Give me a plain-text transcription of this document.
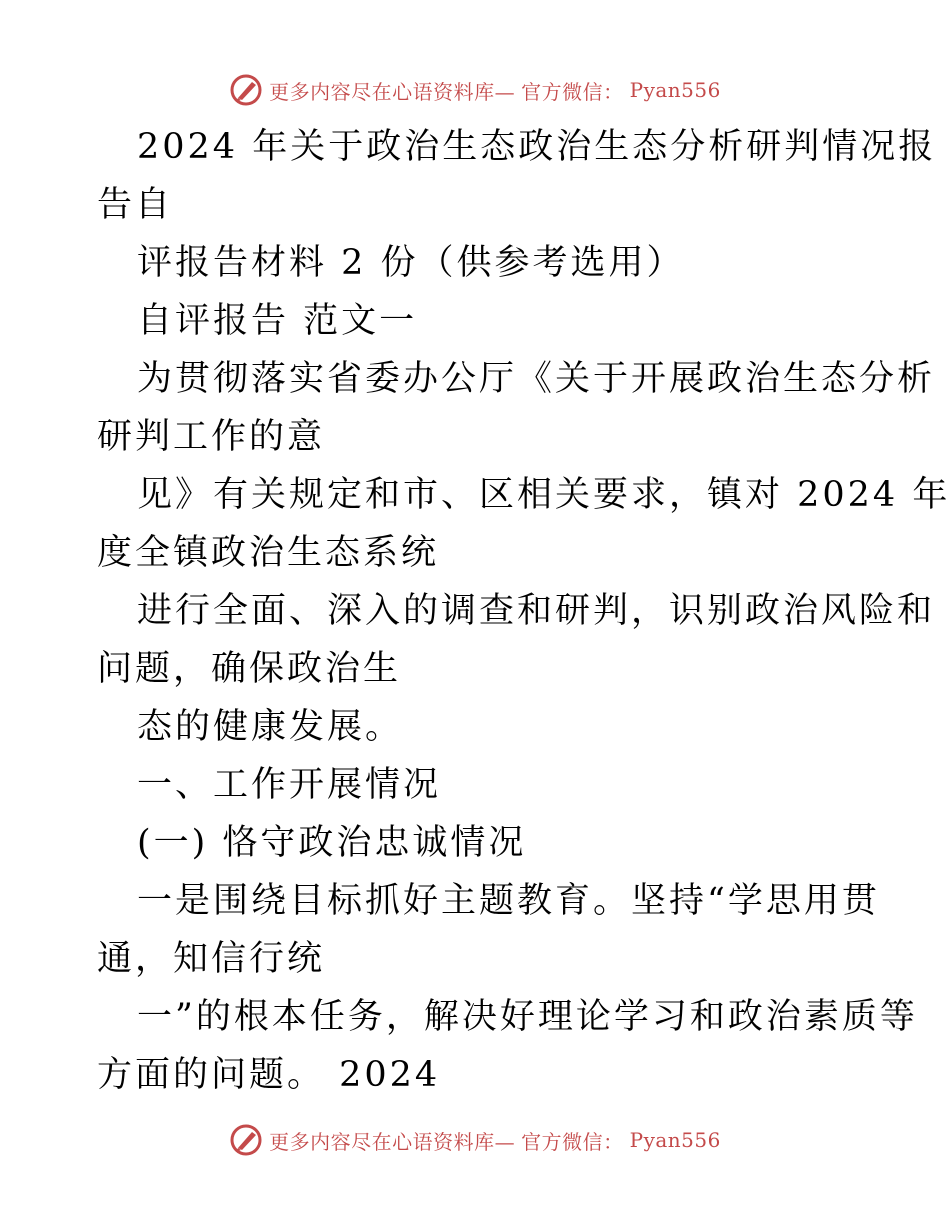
更多内容尽在心语资料库— 官方微信： Pyan556
2024 年关于政治生态政治生态分析研判情况报
告自
评报告材料 2 份（供参考选用）
自评报告 范文一
为贯彻落实省委办公厅《关于开展政治生态分析
研判工作的意
见》有关规定和市、区相关要求，镇对 2024 年
度全镇政治生态系统
进行全面、深入的调查和研判，识别政治风险和
问题，确保政治生
态的健康发展。
一、工作开展情况
(一) 恪守政治忠诚情况
一是围绕目标抓好主题教育。坚持“学思用贯
通，知信行统
一”的根本任务，解决好理论学习和政治素质等
方面的问题。 2024
更多内容尽在心语资料库— 官方微信： Pyan556
